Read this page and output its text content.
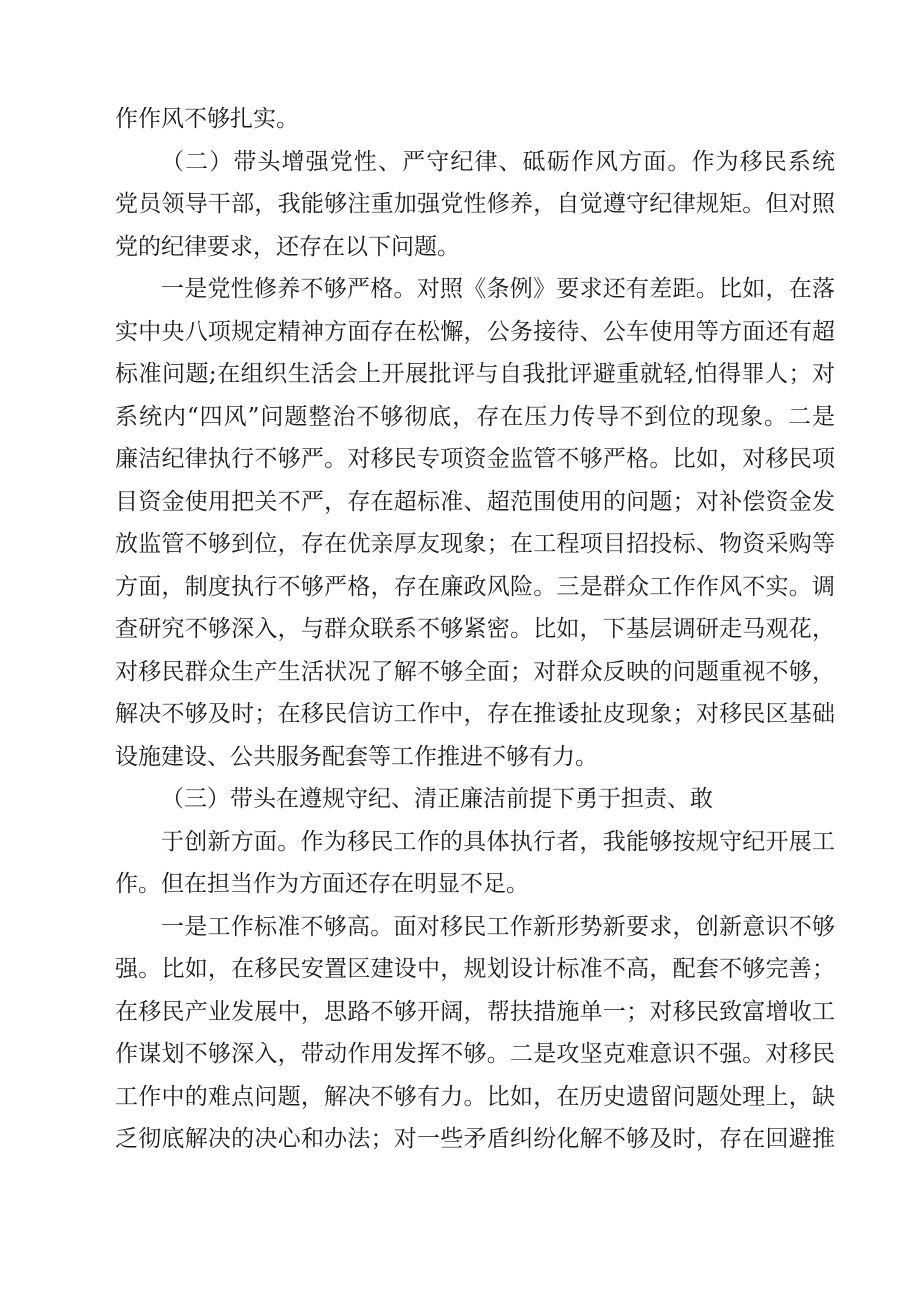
作作风不够扎实。
（二）带头增强党性、严守纪律、砥砺作风方面。作为移民系统
党员领导干部，我能够注重加强党性修养，自觉遵守纪律规矩。但对照
党的纪律要求，还存在以下问题。
一是党性修养不够严格。对照《条例》要求还有差距。比如，在落
实中央八项规定精神方面存在松懈，公务接待、公车使用等方面还有超
标准问题;在组织生活会上开展批评与自我批评避重就轻,怕得罪人；对
系统内“四风”问题整治不够彻底，存在压力传导不到位的现象。二是
廉洁纪律执行不够严。对移民专项资金监管不够严格。比如，对移民项
目资金使用把关不严，存在超标准、超范围使用的问题；对补偿资金发
放监管不够到位，存在优亲厚友现象；在工程项目招投标、物资采购等
方面，制度执行不够严格，存在廉政风险。三是群众工作作风不实。调
查研究不够深入，与群众联系不够紧密。比如，下基层调研走马观花，
对移民群众生产生活状况了解不够全面；对群众反映的问题重视不够，
解决不够及时；在移民信访工作中，存在推诿扯皮现象；对移民区基础
设施建设、公共服务配套等工作推进不够有力。
（三）带头在遵规守纪、清正廉洁前提下勇于担责、敢
于创新方面。作为移民工作的具体执行者，我能够按规守纪开展工
作。但在担当作为方面还存在明显不足。
一是工作标准不够高。面对移民工作新形势新要求，创新意识不够
强。比如，在移民安置区建设中，规划设计标准不高，配套不够完善；
在移民产业发展中，思路不够开阔，帮扶措施单一；对移民致富增收工
作谋划不够深入，带动作用发挥不够。二是攻坚克难意识不强。对移民
工作中的难点问题，解决不够有力。比如，在历史遗留问题处理上，缺
乏彻底解决的决心和办法；对一些矛盾纠纷化解不够及时，存在回避推
